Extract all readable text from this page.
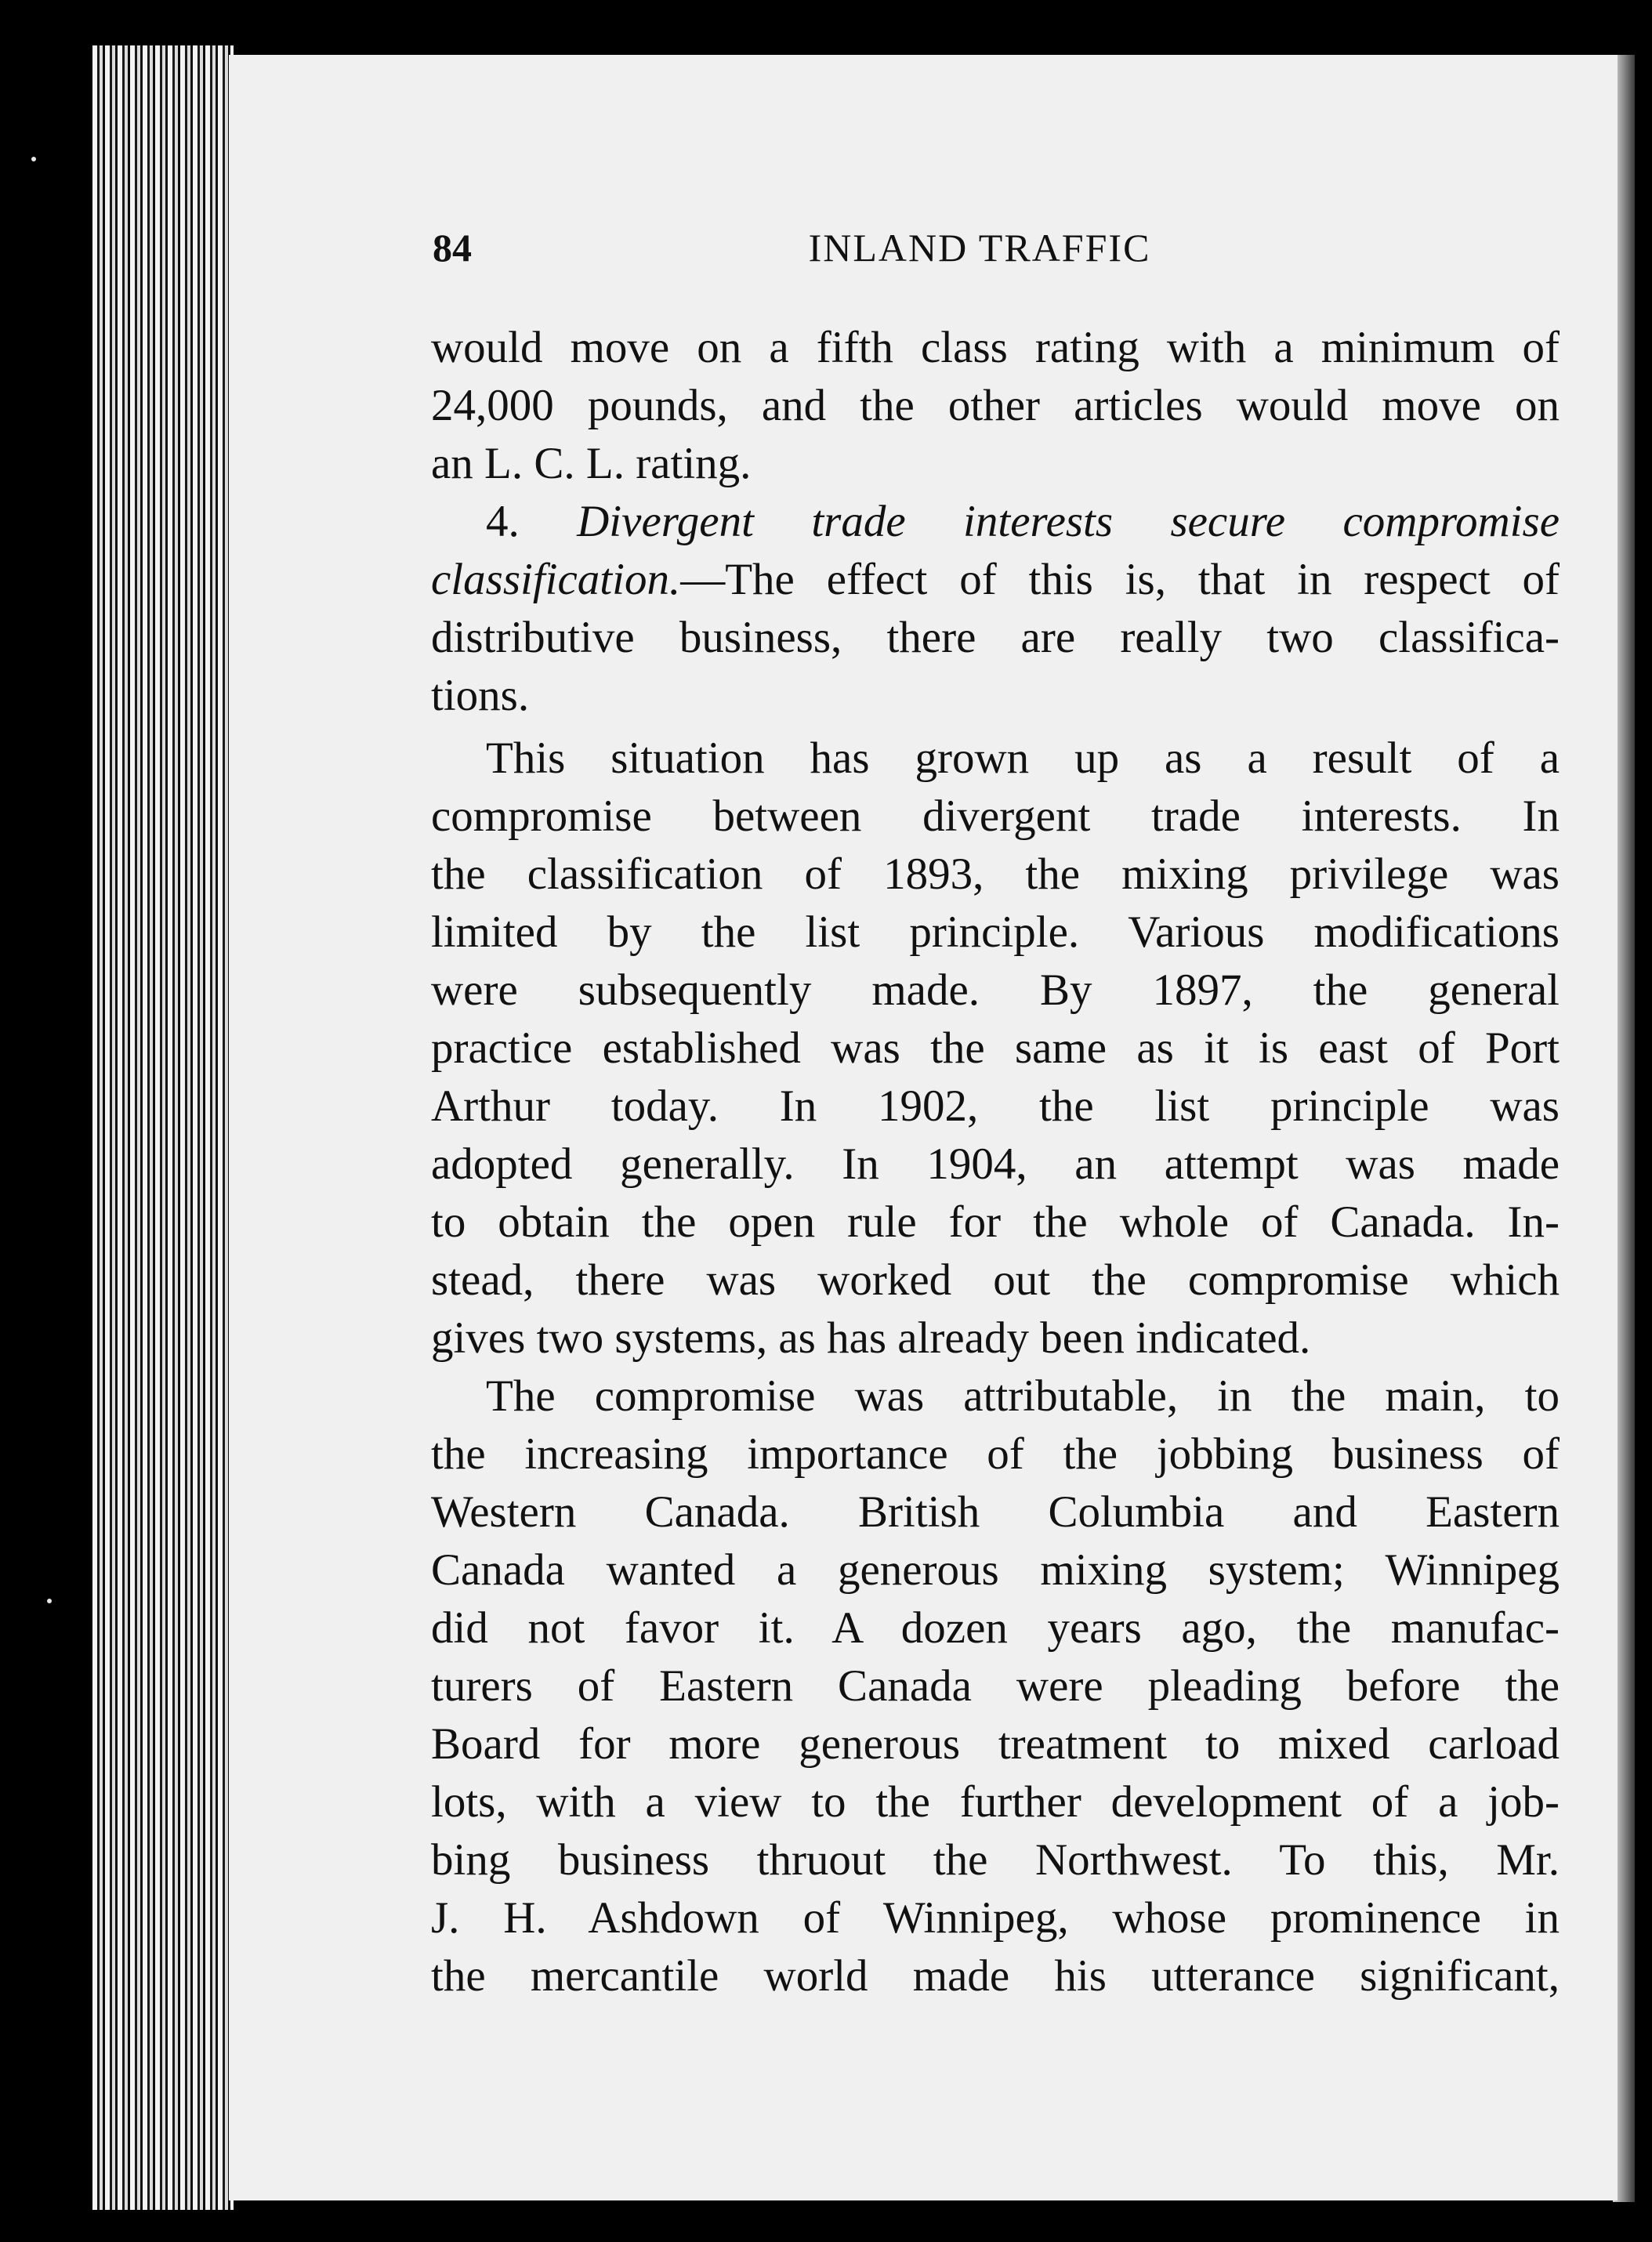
84	INLAND TRAFFIC
would move on a fifth class rating with a minimum of
24,000 pounds, and the other articles would move on
an L. C. L. rating.
4. Divergent trade interests secure compromise
classification.—The effect of this is, that in respect of
distributive business, there are really two classifica-
tions.
This situation has grown up as a result of a
compromise between divergent trade interests. In
the classification of 1893, the mixing privilege was
limited by the list principle. Various modifications
were subsequently made. By 1897, the general
practice established was the same as it is east of Port
Arthur today. In 1902, the list principle was
adopted generally. In 1904, an attempt was made
to obtain the open rule for the whole of Canada. In-
stead, there was worked out the compromise which
gives two systems, as has already been indicated.
The compromise was attributable, in the main, to
the increasing importance of the jobbing business of
Western Canada. British Columbia and Eastern
Canada wanted a generous mixing system; Winnipeg
did not favor it. A dozen years ago, the manufac-
turers of Eastern Canada were pleading before the
Board for more generous treatment to mixed carload
lots, with a view to the further development of a job-
bing business thruout the Northwest. To this, Mr.
J. H. Ashdown of Winnipeg, whose prominence in
the mercantile world made his utterance significant,
